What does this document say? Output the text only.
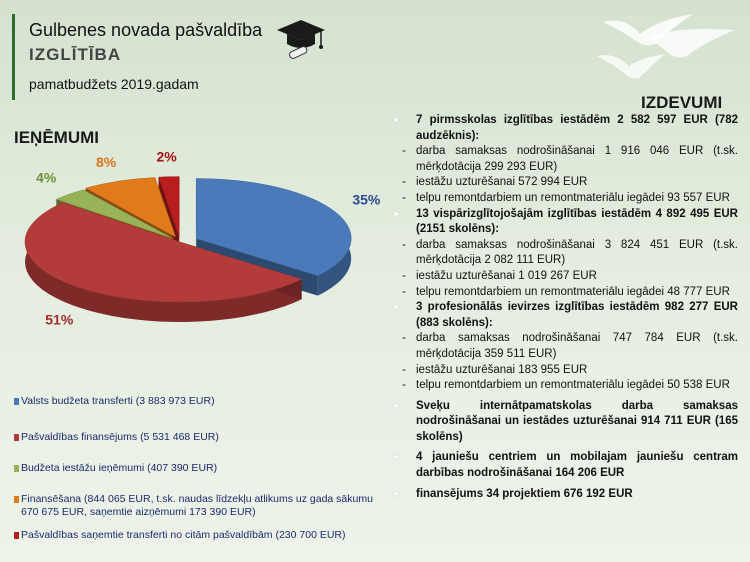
Gulbenes novada pašvaldība
IZGLĪTĪBA
pamatbudžets 2019.gadam
IEŅĒMUMI
IZDEVUMI
35%
51%
4%
8%	2%
Valsts budžeta transferti (3 883 973 EUR)
Pašvaldības finansējums (5 531 468 EUR)
Budžeta iestāžu ieņēmumi (407 390 EUR)
Finansēšana (844 065 EUR, t.sk. naudas līdzekļu atlikums uz gada sākumu 670 675 EUR, saņemtie aizņēmumi 173 390 EUR)
Pašvaldības saņemtie transferti no citām pašvaldībām (230 700 EUR)
➤ 7 pirmsskolas izglītības iestādēm 2 582 597 EUR (782 audzēknis):
- darba samaksas nodrošināšanai 1 916 046 EUR (t.sk. mērķdotācija 299 293 EUR)
- iestāžu uzturēšanai 572 994 EUR
- telpu remontdarbiem un remontmateriālu iegādei 93 557 EUR
➤ 13 vispārizglītojošajām izglītības iestādēm 4 892 495 EUR (2151 skolēns):
- darba samaksas nodrošināšanai 3 824 451 EUR (t.sk. mērķdotācija 2 082 111 EUR)
- iestāžu uzturēšanai 1 019 267 EUR
- telpu remontdarbiem un remontmateriālu iegādei 48 777 EUR
➤ 3 profesionālās ievirzes izglītības iestādēm 982 277 EUR (883 skolēns):
- darba samaksas nodrošināšanai 747 784 EUR (t.sk. mērķdotācija 359 511 EUR)
- iestāžu uzturēšanai 183 955 EUR
- telpu remontdarbiem un remontmateriālu iegādei 50 538 EUR
➤ Sveķu internātpamatskolas darba samaksas nodrošināšanai un iestādes uzturēšanai 914 711 EUR (165 skolēns)
➤ 4 jauniešu centriem un mobilajam jauniešu centram darbības nodrošināšanai 164 206 EUR
➤ finansējums 34 projektiem 676 192 EUR
